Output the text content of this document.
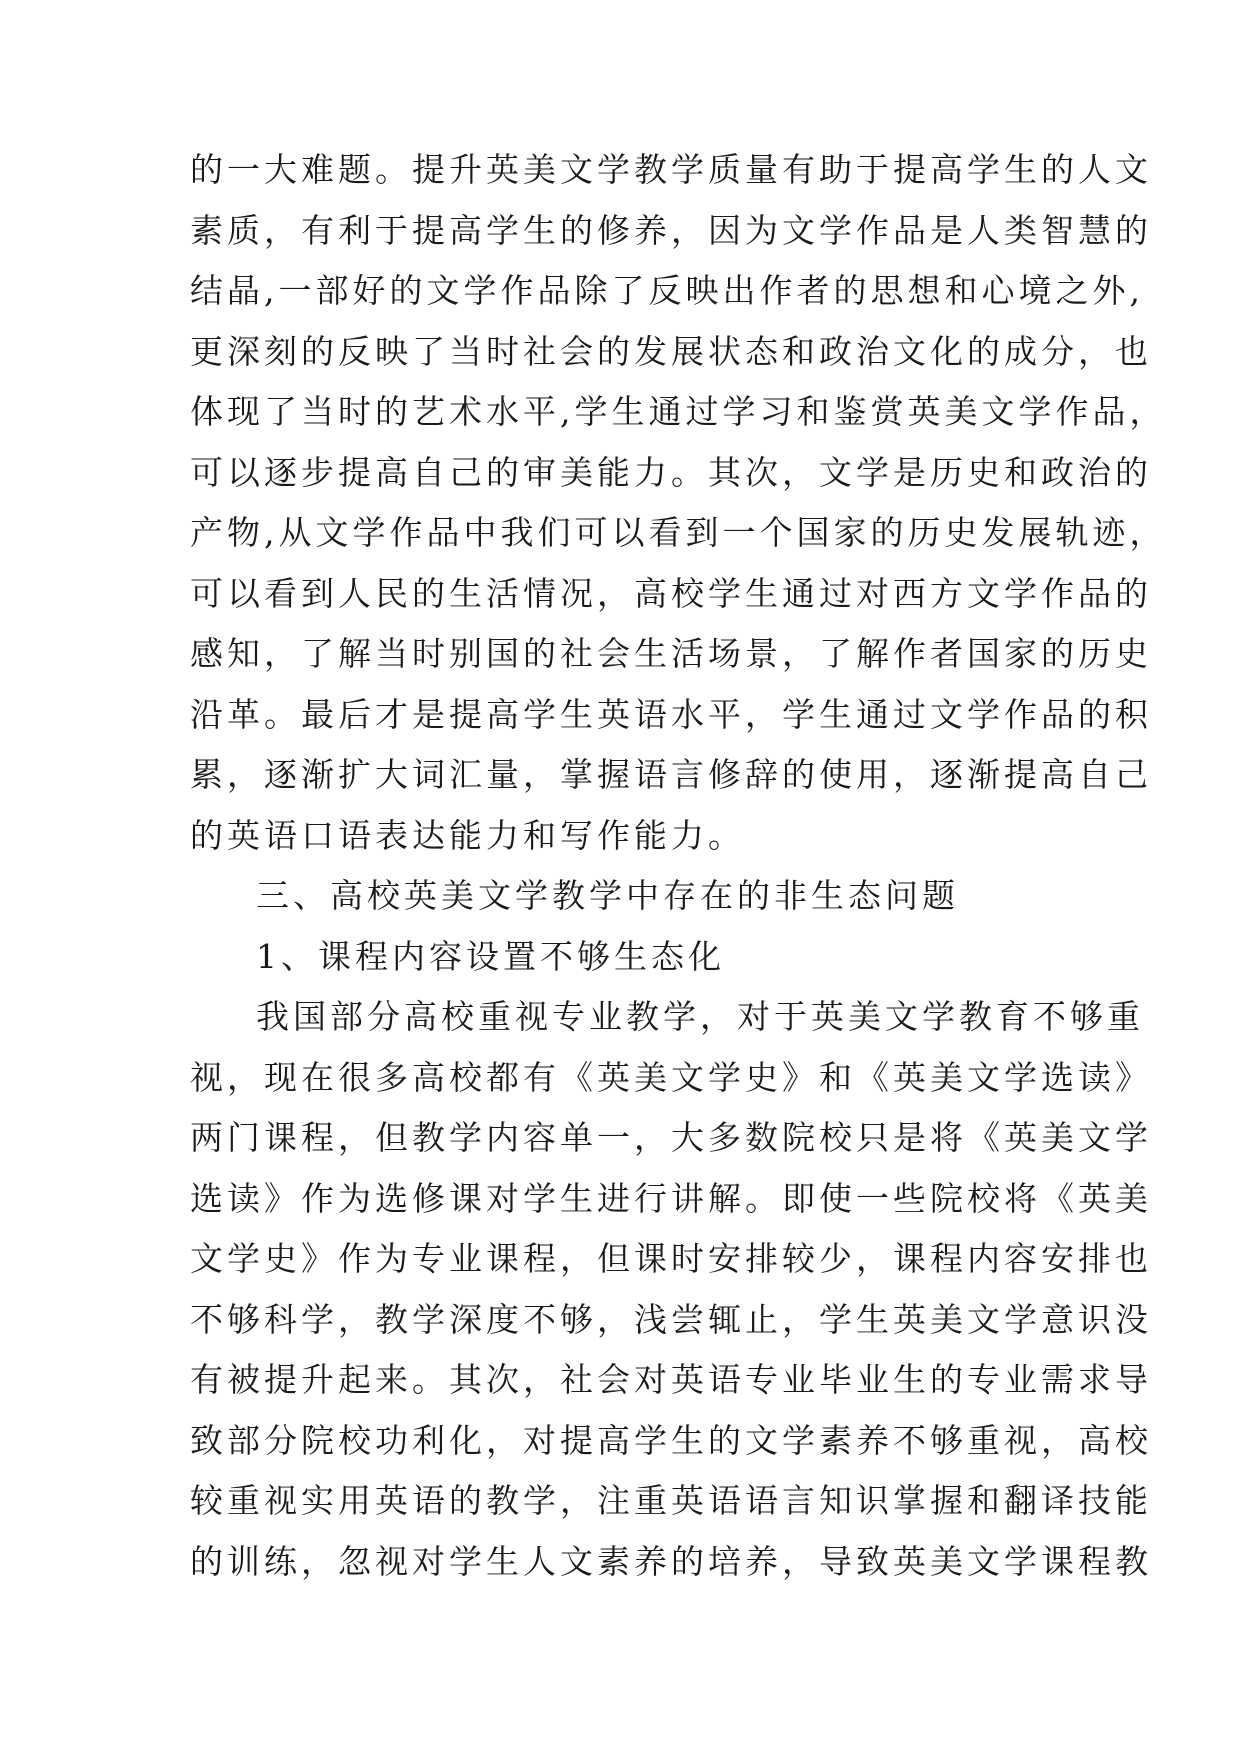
的一大难题。提升英美文学教学质量有助于提高学生的人文

素质，有利于提高学生的修养，因为文学作品是人类智慧的

结晶,一部好的文学作品除了反映出作者的思想和心境之外,

更深刻的反映了当时社会的发展状态和政治文化的成分，也

体现了当时的艺术水平,学生通过学习和鉴赏英美文学作品，

可以逐步提高自己的审美能力。其次，文学是历史和政治的

产物,从文学作品中我们可以看到一个国家的历史发展轨迹，

可以看到人民的生活情况，高校学生通过对西方文学作品的

感知，了解当时别国的社会生活场景，了解作者国家的历史

沿革。最后才是提高学生英语水平，学生通过文学作品的积

累，逐渐扩大词汇量，掌握语言修辞的使用，逐渐提高自己

的英语口语表达能力和写作能力。

三、高校英美文学教学中存在的非生态问题

1、课程内容设置不够生态化

我国部分高校重视专业教学，对于英美文学教育不够重

视，现在很多高校都有《英美文学史》和《英美文学选读》

两门课程，但教学内容单一，大多数院校只是将《英美文学

选读》作为选修课对学生进行讲解。即使一些院校将《英美

文学史》作为专业课程，但课时安排较少，课程内容安排也

不够科学，教学深度不够，浅尝辄止，学生英美文学意识没

有被提升起来。其次，社会对英语专业毕业生的专业需求导

致部分院校功利化，对提高学生的文学素养不够重视，高校

较重视实用英语的教学，注重英语语言知识掌握和翻译技能

的训练，忽视对学生人文素养的培养，导致英美文学课程教
